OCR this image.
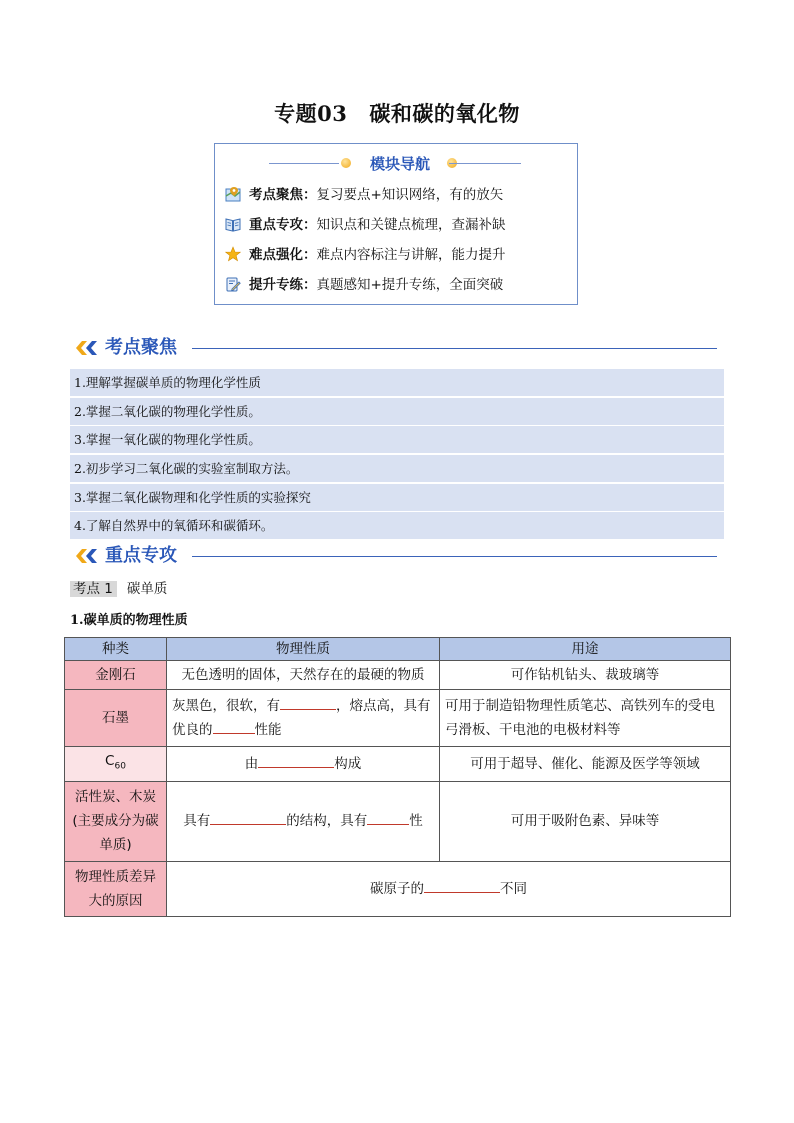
专题03 碳和碳的氧化物
模块导航
考点聚焦：复习要点+知识网络，有的放矢
重点专攻：知识点和关键点梳理，查漏补缺
难点强化：难点内容标注与讲解，能力提升
提升专练：真题感知+提升专练，全面突破
考点聚焦
1.理解掌握碳单质的物理化学性质
2.掌握二氧化碳的物理化学性质。
3.掌握一氧化碳的物理化学性质。
2.初步学习二氧化碳的实验室制取方法。
3.掌握二氧化碳物理和化学性质的实验探究
4.了解自然界中的氧循环和碳循环。
重点专攻
考点 1 碳单质
1.碳单质的物理性质
种类	物理性质	用途
金刚石	无色透明的固体，天然存在的最硬的物质	可作钻机钻头、裁玻璃等
石墨	灰黑色，很软，有 ，熔点高，具有优良的 性能	可用于制造铅物理性质笔芯、高铁列车的受电弓滑板、干电池的电极材料等
$C_{60}$	由 构成	可用于超导、催化、能源及医学等领域
活性炭、木炭(主要成分为碳单质)	具有 的结构，具有 性	可用于吸附色素、异味等
物理性质差异大的原因	碳原子的 不同	
